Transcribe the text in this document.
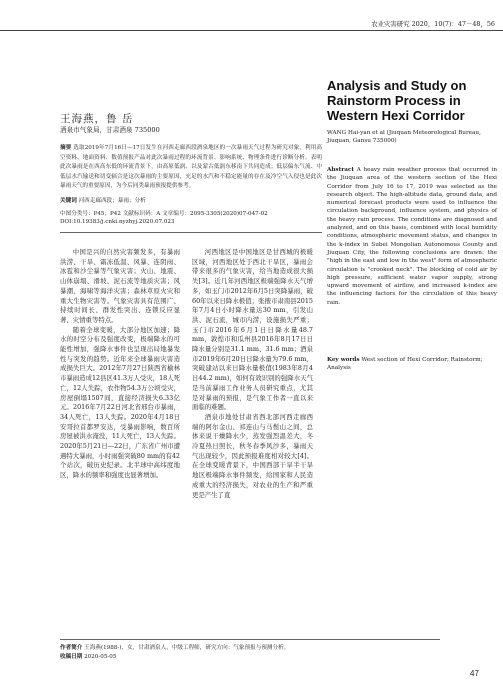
农业灾害研究 2020，10(7)：47－48，56
王海燕，鲁 岳
酒泉市气象局，甘肃酒泉 735000
摘要 选取2019年7月16日—17日发生在河西走廊西段酒泉地区的一次暴雨天气过程为研究对象，利用高空资料、地面资料、数值预报产品对此次暴雨过程的环流背景、影响系统、物理条件进行诊断分析。表明此次暴雨是在西高东低的环流背景下，由高原低涡、以及蒙古低涡东移南下共同造成；低层偏东气流、中低层水汽输送和切变辐合是这次暴雨的主要原因，充足的水汽和不稳定能量的存在及冷空气入侵也是此次暴雨天气的重要原因，为今后同类暴雨预报提供参考。
关键词 河西走廊西段；暴雨；分析
中图分类号：P45；P42 文献标识码：A 文章编号：2095-3305(2020)07-047-02
DOI:10.19383/j.cnki.nyzhyj.2020.07.023
Analysis and Study on Rainstorm Process in Western Hexi Corridor
WANG Hai-yan et al (Jiuquan Meteorological Bureau, Jiuquan, Gansu 735000)
Abstract A heavy rain weather process that occurred in the Jiuquan area of the western section of the Hexi Corridor from July 16 to 17, 2019 was selected as the research object. The high-altitude data, ground data, and numerical forecast products were used to influence the circulation background, influence system, and physics of the heavy rain process. The conditions are diagnosed and analyzed, and on this basis, combined with local humidity conditions, atmospheric movement status, and changes in the k-index in Subei Mongolian Autonomous County and Jiuquan City, the following conclusions are drawn: the "high in the east and low in the west" form of atmospheric circulation is "crooked neck". The blocking of cold air by high pressure, sufficient water vapor supply, strong upward movement of airflow, and increased k-index are the influencing factors for the circulation of this heavy rain.
Key words West section of Hexi Corridor; Rainstorm; Analysis

中国是兴的自然灾害频发多，有暴雨洪涝、干旱、霜冻低温、风暴、连阴雨、冰雹和沙尘暴等气象灾害；火山、地震、山体崩塌、滑坡、泥石流等地质灾害；风暴潮、海啸等海洋灾害；森林草原火灾和重大生物灾害等。气象灾害具有范围广、持续时间长、群发性突出、连锁反应显著、灾情重等特点。

随着全球变暖，大部分地区加速；降水的时空分布及强度改变，极端降水的可能性增加，强降水事件也呈现出局地暴发性与突发的趋势。近年来全球暴雨灾害造成损失巨大。2012年7月27日陕西省榆林市暴雨造成12县区41.3万人受灾，18人死亡，12人失踪，农作物54.3万公顷受灾，房屋倒塌1507间，直接经济损失6.33亿元。2016年7月22日河北省邢台市暴雨，34人死亡，13人失踪。2020年4月18日安哥拉首都罗安达，受暴雨影响，数百所房屋被洪水淹没，11人死亡，13人失踪。2020年5月21日—22日，广东省广州市遭遇特大暴雨，小时雨强突破80 mm的有42个站次，破历史纪录。北半球中高纬度地区，降水的频率和强度也显著增加。

河西地区是中国地区是甘西城的极暖区域，河西地区处于西北干旱区，暴雨会带来很多的气象灾害，给当地造成很大损失[3]。近几年河西地区极端强降水天气增多，如玉门市2012年6月5日突降暴雨，破60年以来日降水极值；张掖市肃南县2015年7月4日小时降水量达30 mm，引发山洪、泥石流，城市内涝，设施损失严重；玉门市2016年6月1日日降水量48.7 mm，敦煌市和瓜州县2016年8月17日日降水量分别是31.1 mm、31.6 mm；酒泉市2019年6月20日日降水量为79.6 mm，突破建站以来日降水量极值(1983年8月4日44.2 mm)，如何有效识别的强降水天气是当前暴雨工作业务人员研究重点，尤其是对暴雨的预报，是气象工作者一直以来面临的难题。

酒泉市地处甘肃省西北部河西走廊西端的阿尔金山、祁连山与马鬃山之间，总体来说干燥降水少，蒸发强烈温差大，冬冷夏热日照长，秋冬春季风沙多，暴雨天气出现较少，因此预报难度相对较大[4]。在全球变暖背景下，中国西部干旱半干旱地区极端降水事件频发，给国家和人民造成重大的经济损失，对农业的生产和严重更是产生了直

作者简介 王海燕(1988-)，女，甘肃酒泉人，中级工程师，研究方向：气象预报与预测分析。
收稿日期 2020-05-05
47
